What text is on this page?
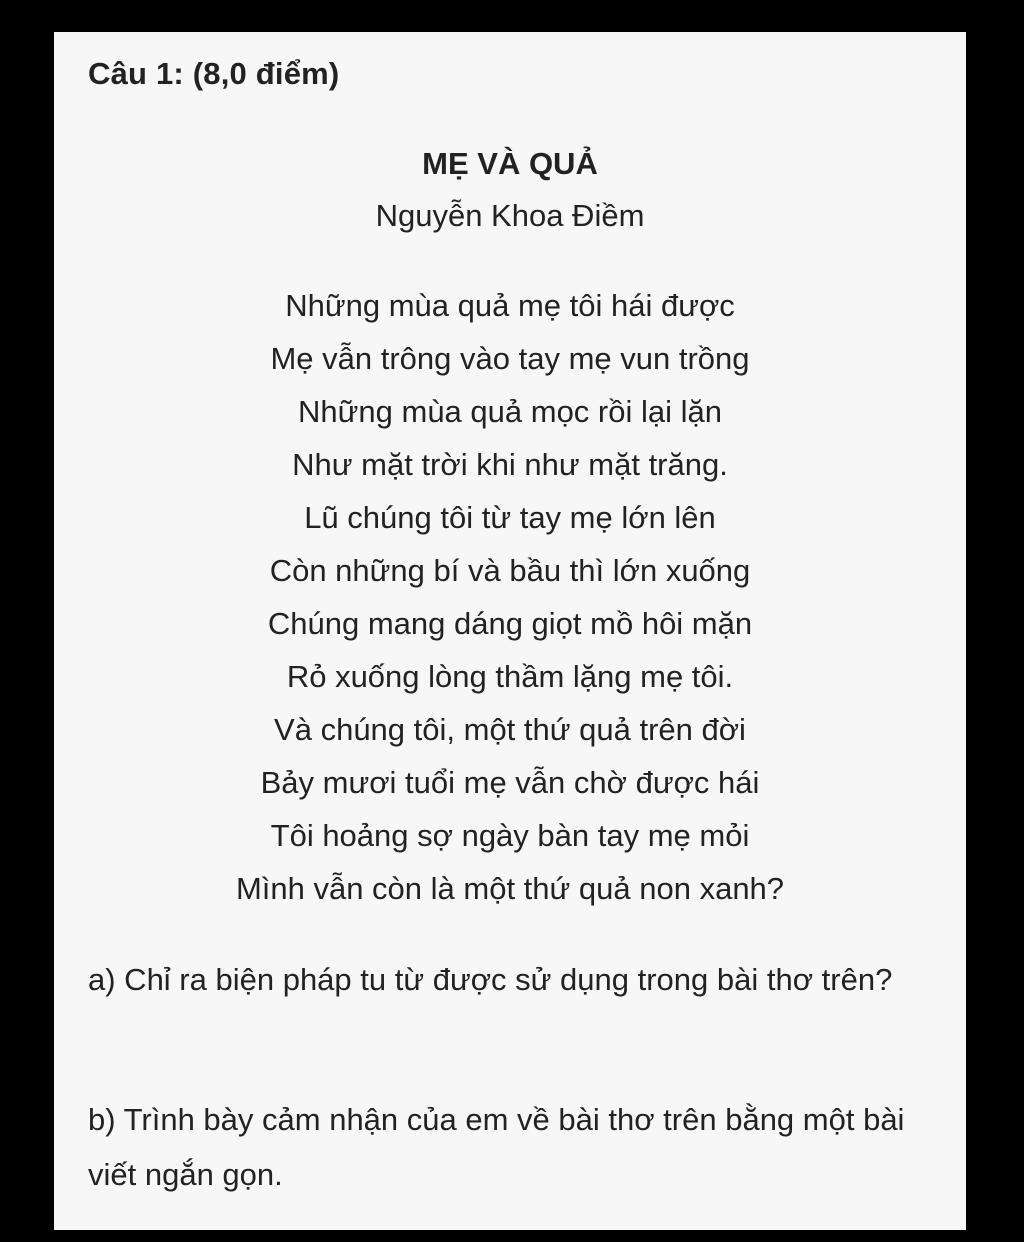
Câu 1: (8,0 điểm)
MẸ VÀ QUẢ
Nguyễn Khoa Điềm
Những mùa quả mẹ tôi hái được
Mẹ vẫn trông vào tay mẹ vun trồng
Những mùa quả mọc rồi lại lặn
Như mặt trời khi như mặt trăng.
Lũ chúng tôi từ tay mẹ lớn lên
Còn những bí và bầu thì lớn xuống
Chúng mang dáng giọt mồ hôi mặn
Rỏ xuống lòng thầm lặng mẹ tôi.
Và chúng tôi, một thứ quả trên đời
Bảy mươi tuổi mẹ vẫn chờ được hái
Tôi hoảng sợ ngày bàn tay mẹ mỏi
Mình vẫn còn là một thứ quả non xanh?
a) Chỉ ra biện pháp tu từ được sử dụng trong bài thơ trên?
b) Trình bày cảm nhận của em về bài thơ trên bằng một bài viết ngắn gọn.
